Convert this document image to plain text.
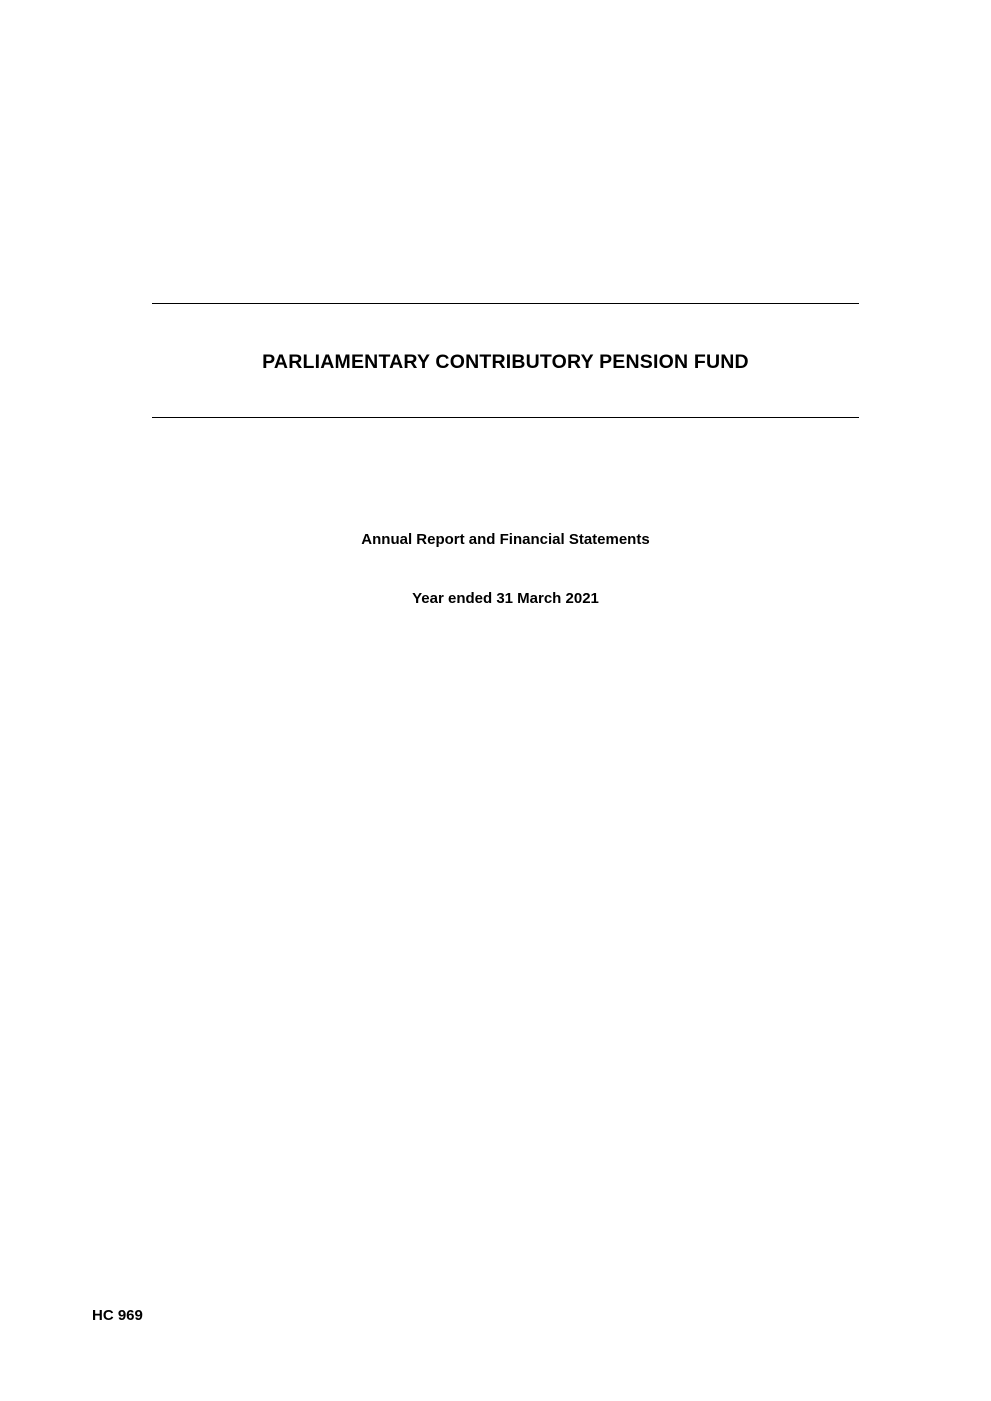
PARLIAMENTARY CONTRIBUTORY PENSION FUND
Annual Report and Financial Statements
Year ended 31 March 2021
HC 969
